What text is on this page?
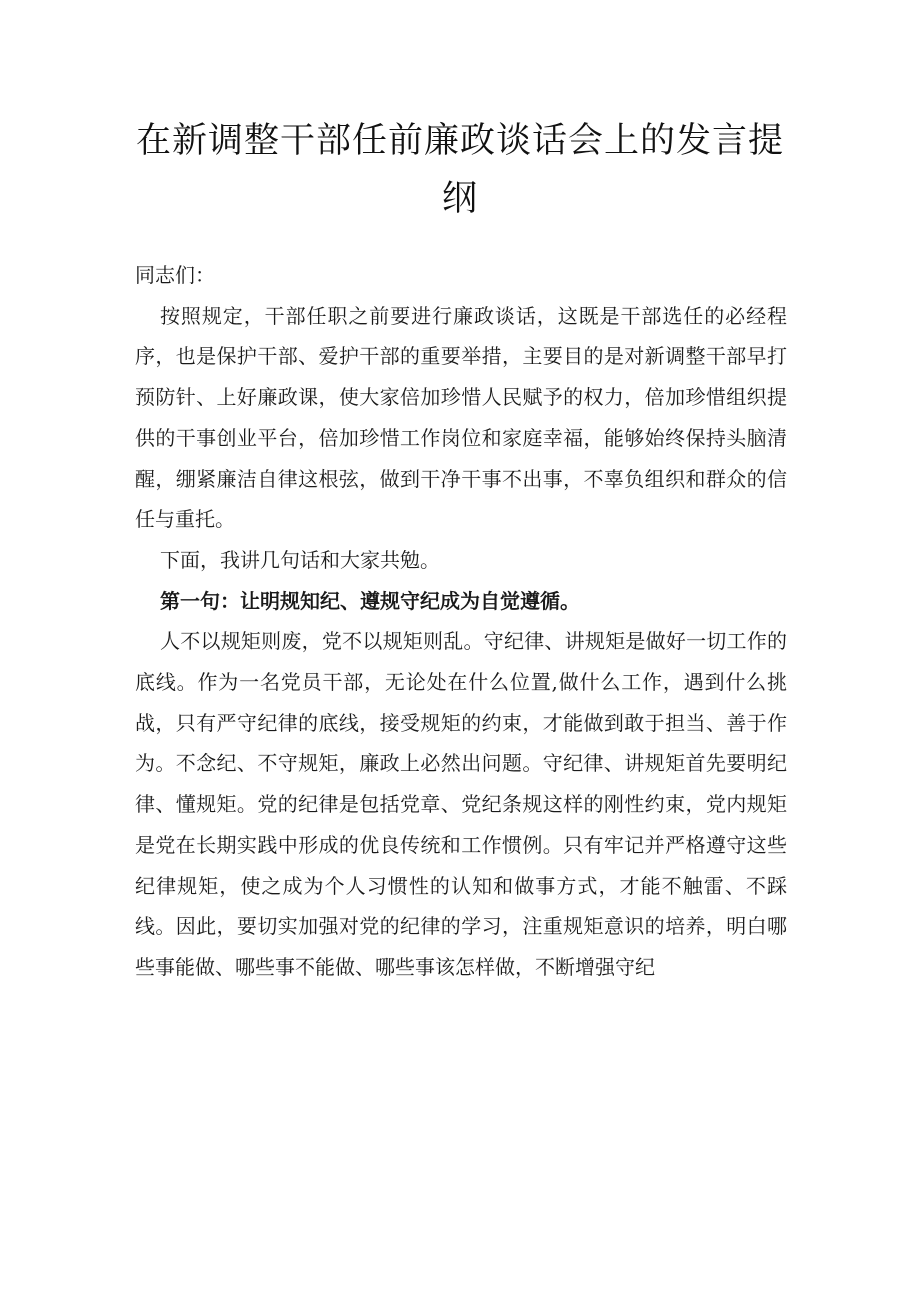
在新调整干部任前廉政谈话会上的发言提纲

同志们：

按照规定，干部任职之前要进行廉政谈话，这既是干部选任的必经程序，也是保护干部、爱护干部的重要举措，主要目的是对新调整干部早打预防针、上好廉政课，使大家倍加珍惜人民赋予的权力，倍加珍惜组织提供的干事创业平台，倍加珍惜工作岗位和家庭幸福，能够始终保持头脑清醒，绷紧廉洁自律这根弦，做到干净干事不出事，不辜负组织和群众的信任与重托。

下面，我讲几句话和大家共勉。

第一句：让明规知纪、遵规守纪成为自觉遵循。

人不以规矩则废，党不以规矩则乱。守纪律、讲规矩是做好一切工作的底线。作为一名党员干部，无论处在什么位置,做什么工作，遇到什么挑战，只有严守纪律的底线，接受规矩的约束，才能做到敢于担当、善于作为。不念纪、不守规矩，廉政上必然出问题。守纪律、讲规矩首先要明纪律、懂规矩。党的纪律是包括党章、党纪条规这样的刚性约束，党内规矩是党在长期实践中形成的优良传统和工作惯例。只有牢记并严格遵守这些纪律规矩，使之成为个人习惯性的认知和做事方式，才能不触雷、不踩线。因此，要切实加强对党的纪律的学习，注重规矩意识的培养，明白哪些事能做、哪些事不能做、哪些事该怎样做，不断增强守纪
